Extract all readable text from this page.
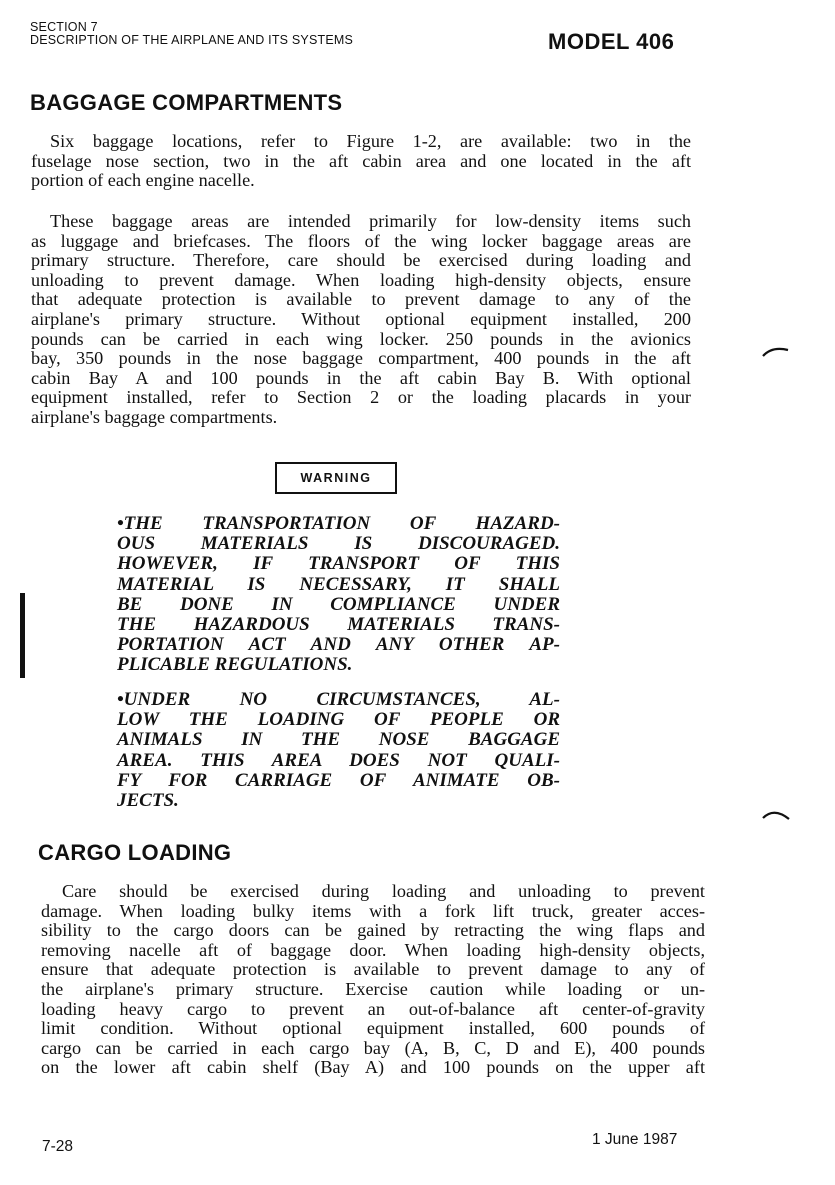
SECTION 7
DESCRIPTION OF THE AIRPLANE AND ITS SYSTEMS	MODEL 406
BAGGAGE COMPARTMENTS
Six baggage locations, refer to Figure 1-2, are available: two in the
fuselage nose section, two in the aft cabin area and one located in the aft
portion of each engine nacelle.
These baggage areas are intended primarily for low-density items such
as luggage and briefcases. The floors of the wing locker baggage areas are
primary structure. Therefore, care should be exercised during loading and
unloading to prevent damage. When loading high-density objects, ensure
that adequate protection is available to prevent damage to any of the
airplane's primary structure. Without optional equipment installed, 200
pounds can be carried in each wing locker. 250 pounds in the avionics
bay, 350 pounds in the nose baggage compartment, 400 pounds in the aft
cabin Bay A and 100 pounds in the aft cabin Bay B. With optional
equipment installed, refer to Section 2 or the loading placards in your
airplane's baggage compartments.
WARNING
•THE TRANSPORTATION OF HAZARD-
OUS MATERIALS IS DISCOURAGED.
HOWEVER, IF TRANSPORT OF THIS
MATERIAL IS NECESSARY, IT SHALL
BE DONE IN COMPLIANCE UNDER
THE HAZARDOUS MATERIALS TRANS-
PORTATION ACT AND ANY OTHER AP-
PLICABLE REGULATIONS.
•UNDER NO CIRCUMSTANCES, AL-
LOW THE LOADING OF PEOPLE OR
ANIMALS IN THE NOSE BAGGAGE
AREA. THIS AREA DOES NOT QUALI-
FY FOR CARRIAGE OF ANIMATE OB-
JECTS.
CARGO LOADING
Care should be exercised during loading and unloading to prevent
damage. When loading bulky items with a fork lift truck, greater acces-
sibility to the cargo doors can be gained by retracting the wing flaps and
removing nacelle aft of baggage door. When loading high-density objects,
ensure that adequate protection is available to prevent damage to any of
the airplane's primary structure. Exercise caution while loading or un-
loading heavy cargo to prevent an out-of-balance aft center-of-gravity
limit condition. Without optional equipment installed, 600 pounds of
cargo can be carried in each cargo bay (A, B, C, D and E), 400 pounds
on the lower aft cabin shelf (Bay A) and 100 pounds on the upper aft
7-28	1 June 1987
